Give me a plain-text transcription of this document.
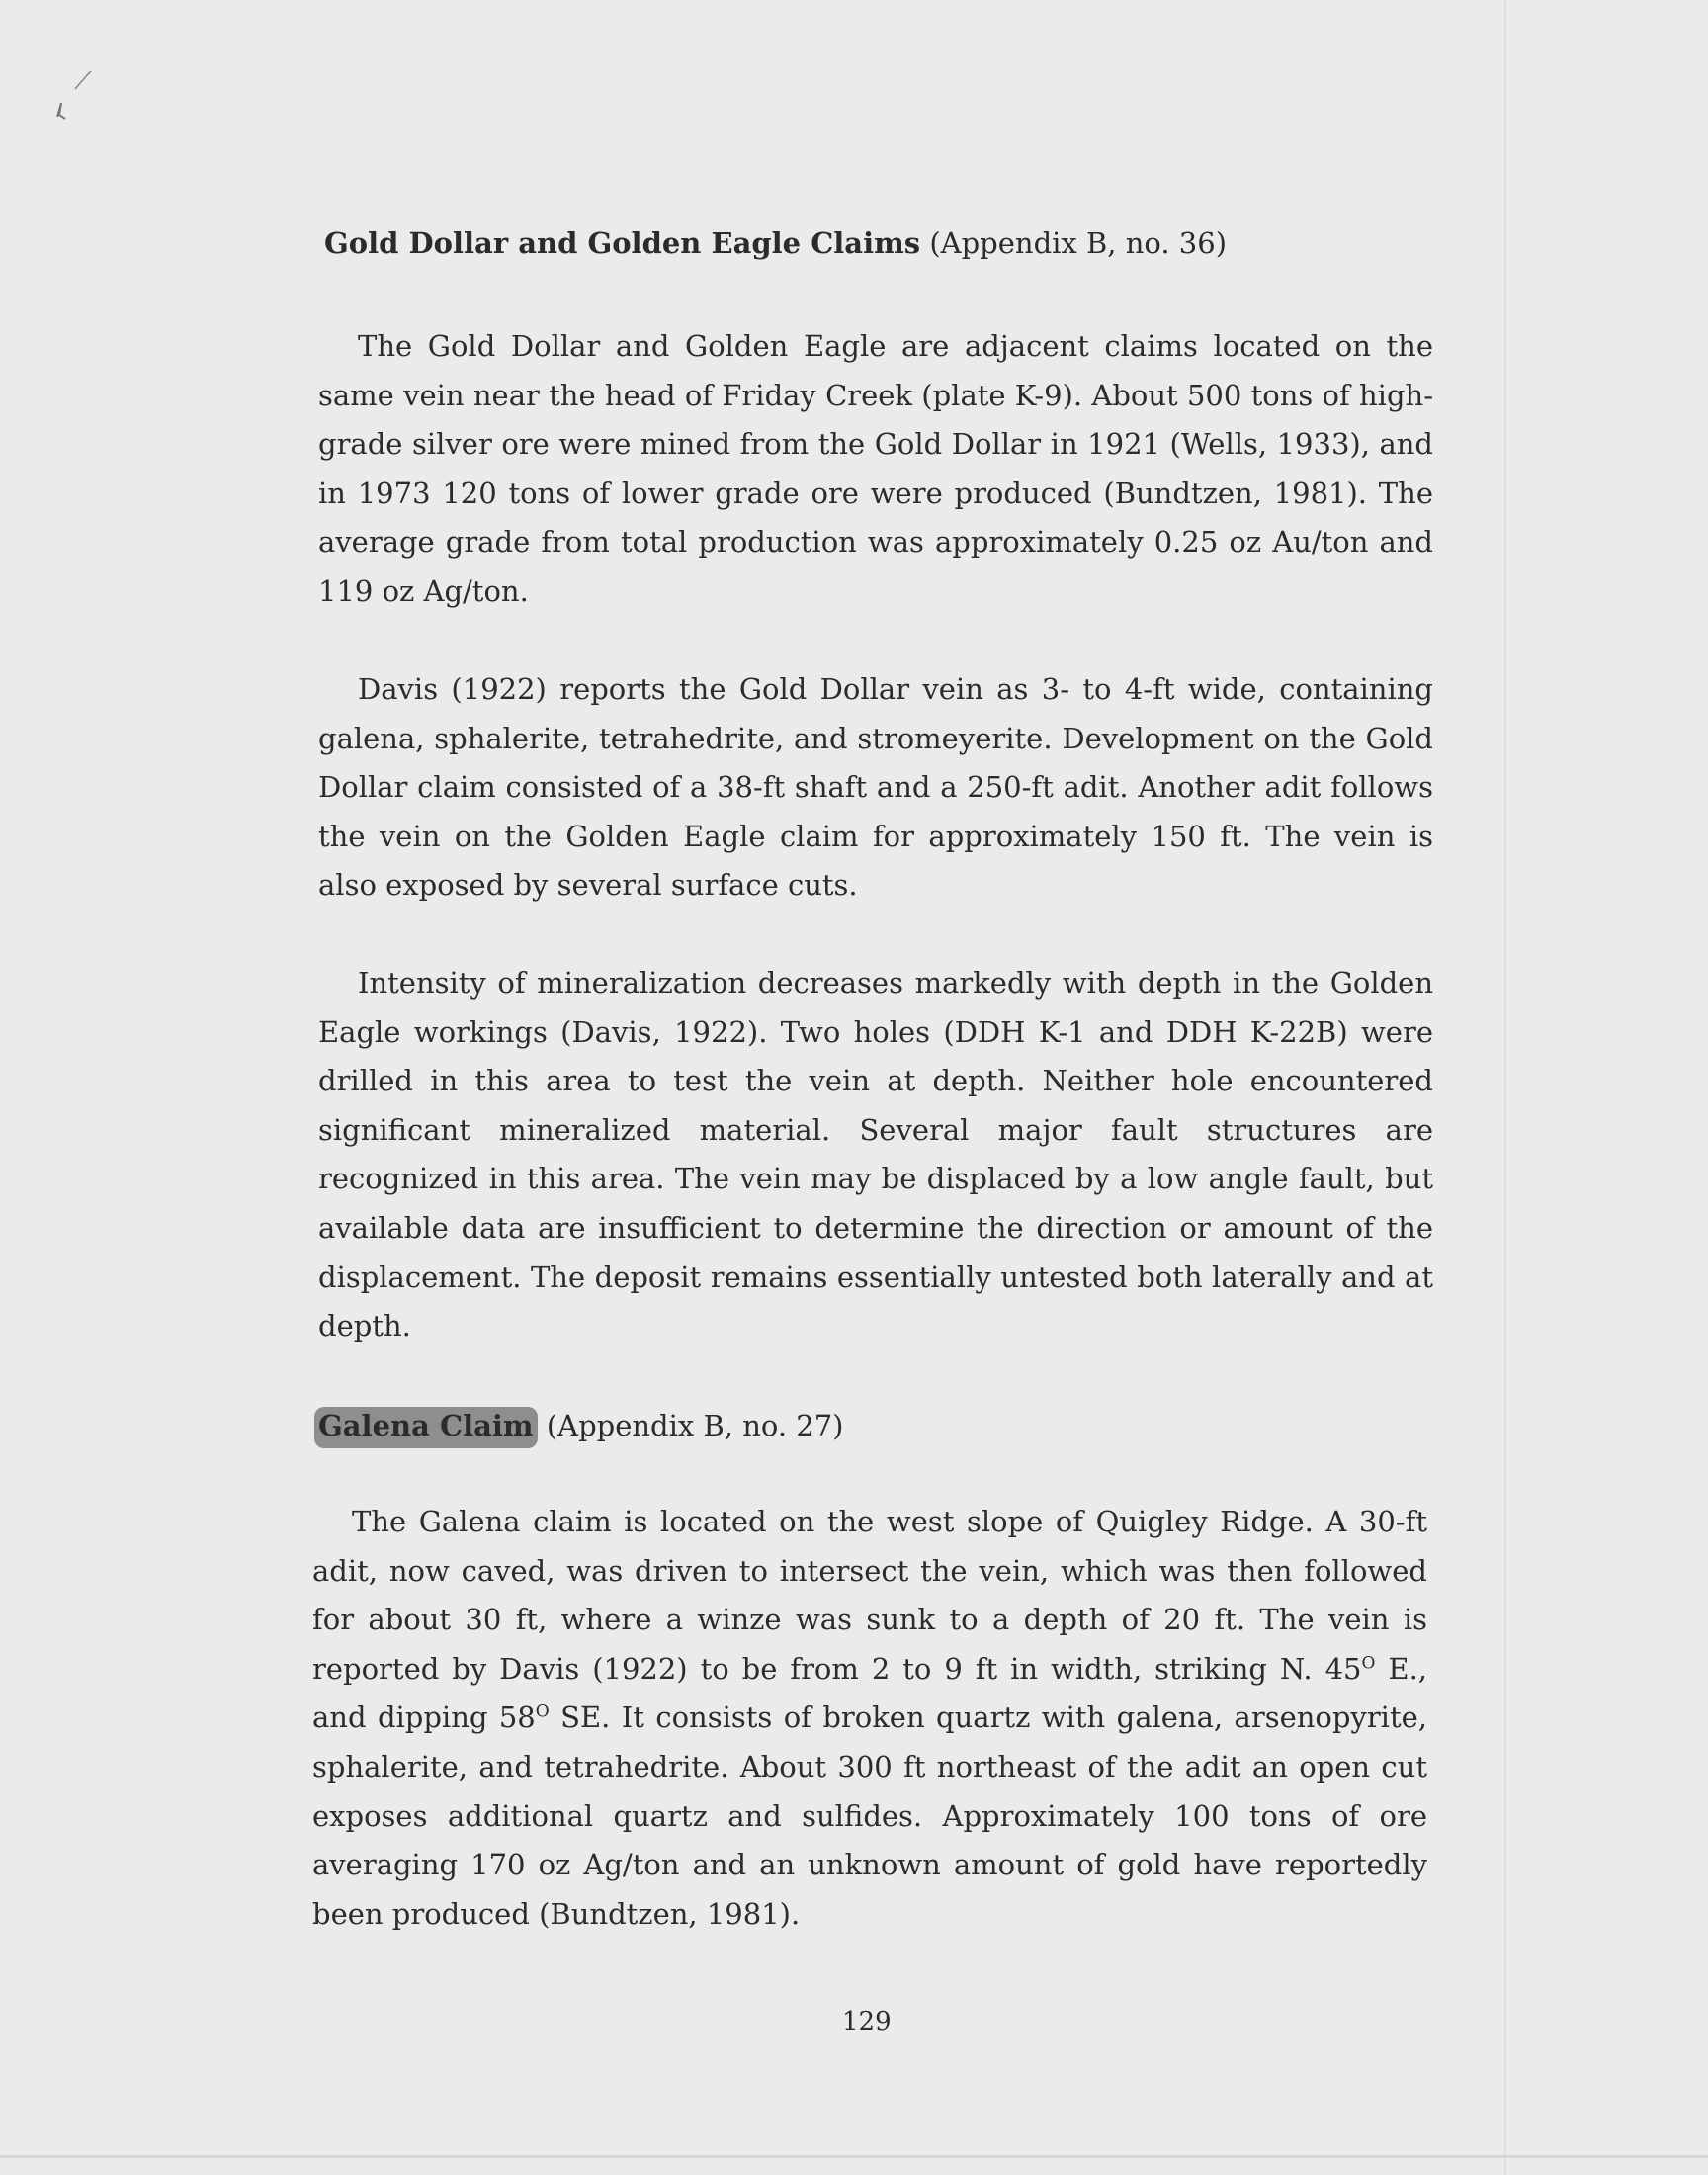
Gold Dollar and Golden Eagle Claims (Appendix B, no. 36)

The Gold Dollar and Golden Eagle are adjacent claims located on the same vein near the head of Friday Creek (plate K-9). About 500 tons of high-grade silver ore were mined from the Gold Dollar in 1921 (Wells, 1933), and in 1973 120 tons of lower grade ore were produced (Bundtzen, 1981). The average grade from total production was approximately 0.25 oz Au/ton and 119 oz Ag/ton.

Davis (1922) reports the Gold Dollar vein as 3- to 4-ft wide, containing galena, sphalerite, tetrahedrite, and stromeyerite. Development on the Gold Dollar claim consisted of a 38-ft shaft and a 250-ft adit. Another adit follows the vein on the Golden Eagle claim for approximately 150 ft. The vein is also exposed by several surface cuts.

Intensity of mineralization decreases markedly with depth in the Golden Eagle workings (Davis, 1922). Two holes (DDH K-1 and DDH K-22B) were drilled in this area to test the vein at depth. Neither hole encountered significant mineralized material. Several major fault structures are recognized in this area. The vein may be displaced by a low angle fault, but available data are insufficient to determine the direction or amount of the displacement. The deposit remains essentially untested both laterally and at depth.

Galena Claim (Appendix B, no. 27)

The Galena claim is located on the west slope of Quigley Ridge. A 30-ft adit, now caved, was driven to intersect the vein, which was then followed for about 30 ft, where a winze was sunk to a depth of 20 ft. The vein is reported by Davis (1922) to be from 2 to 9 ft in width, striking N. $45^O$ E., and dipping $58^O$ SE. It consists of broken quartz with galena, arsenopyrite, sphalerite, and tetrahedrite. About 300 ft northeast of the adit an open cut exposes additional quartz and sulfides. Approximately 100 tons of ore averaging 170 oz Ag/ton and an unknown amount of gold have reportedly been produced (Bundtzen, 1981).

129
